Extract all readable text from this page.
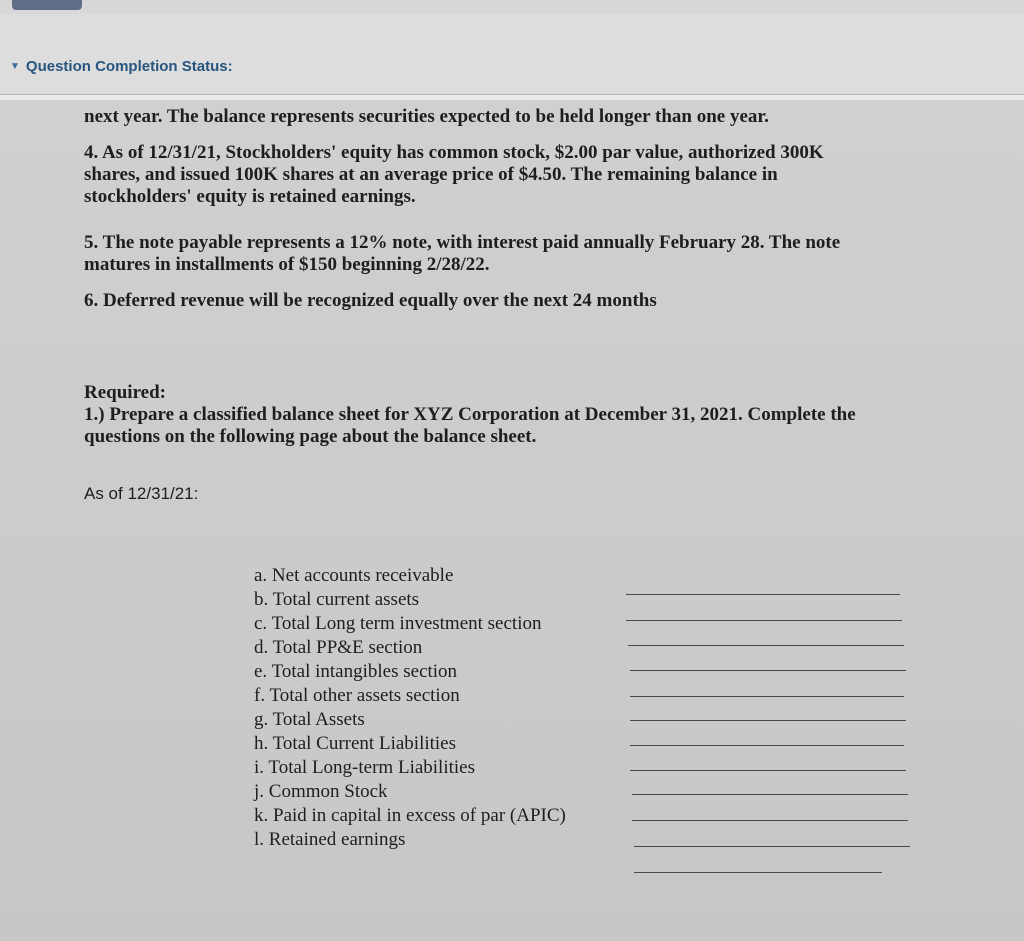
▼ Question Completion Status:
next year. The balance represents securities expected to be held longer than one year.
4. As of 12/31/21, Stockholders' equity has common stock, $2.00 par value, authorized 300K
shares, and issued 100K shares at an average price of $4.50. The remaining balance in
stockholders' equity is retained earnings.
5. The note payable represents a 12% note, with interest paid annually February 28. The note
matures in installments of $150 beginning 2/28/22.
6. Deferred revenue will be recognized equally over the next 24 months
Required:
1.) Prepare a classified balance sheet for XYZ Corporation at December 31, 2021. Complete the
questions on the following page about the balance sheet.
As of 12/31/21:
a. Net accounts receivable
b. Total current assets
c. Total Long term investment section
d. Total PP&E section
e. Total intangibles section
f. Total other assets section
g. Total Assets
h. Total Current Liabilities
i. Total Long-term Liabilities
j. Common Stock
k. Paid in capital in excess of par (APIC)
l. Retained earnings
